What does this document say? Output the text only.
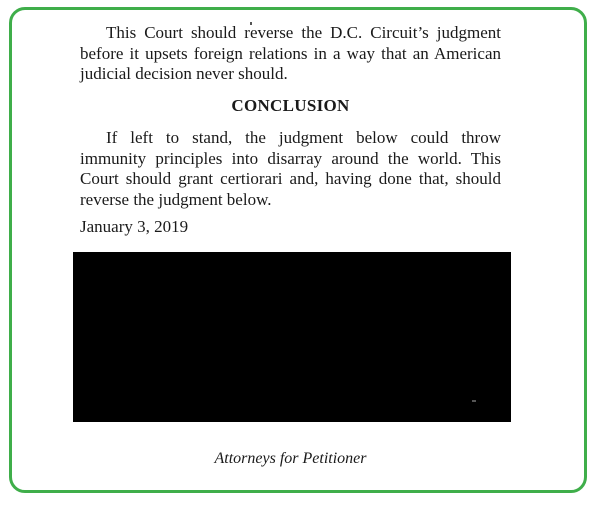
This Court should reverse the D.C. Circuit’s judgment before it upsets foreign relations in a way that an American judicial decision never should.

CONCLUSION

If left to stand, the judgment below could throw immunity principles into disarray around the world. This Court should grant certiorari and, having done that, should reverse the judgment below.

January 3, 2019

Attorneys for Petitioner
